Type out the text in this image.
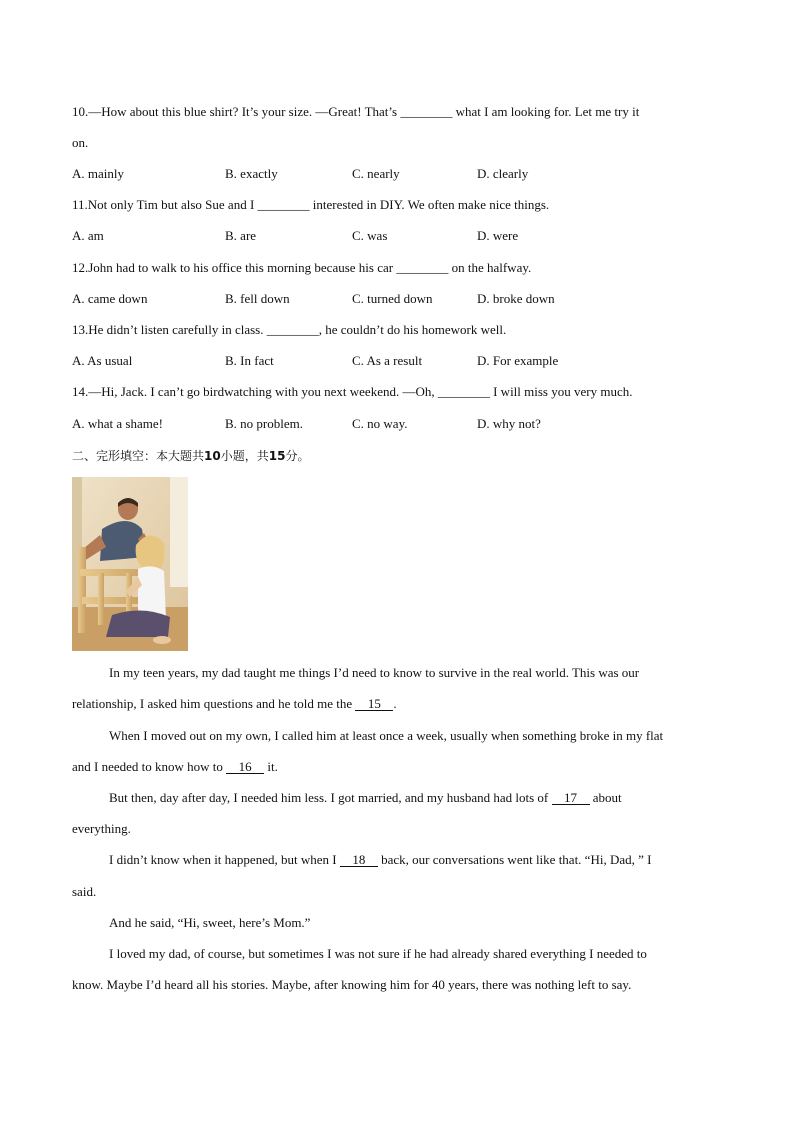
10.—How about this blue shirt? It’s your size. —Great! That’s ________ what I am looking for. Let me try it
on.
A. mainly	B. exactly	C. nearly	D. clearly
11.Not only Tim but also Sue and I ________ interested in DIY. We often make nice things.
A. am	B. are	C. was	D. were
12.John had to walk to his office this morning because his car ________ on the halfway.
A. came down	B. fell down	C. turned down	D. broke down
13.He didn’t listen carefully in class. ________, he couldn’t do his homework well.
A. As usual	B. In fact	C. As a result	D. For example
14.—Hi, Jack. I can’t go birdwatching with you next weekend. —Oh, ________ I will miss you very much.
A. what a shame!	B. no problem.	C. no way.	D. why not?
二、完形填空：本大题共10小题，共15分。
In my teen years, my dad taught me things I’d need to know to survive in the real world. This was our
relationship, I asked him questions and he told me the 15 .
When I moved out on my own, I called him at least once a week, usually when something broke in my flat
and I needed to know how to 16 it.
But then, day after day, I needed him less. I got married, and my husband had lots of 17 about
everything.
I didn’t know when it happened, but when I 18 back, our conversations went like that. “Hi, Dad, ” I
said.
And he said, “Hi, sweet, here’s Mom.”
I loved my dad, of course, but sometimes I was not sure if he had already shared everything I needed to
know. Maybe I’d heard all his stories. Maybe, after knowing him for 40 years, there was nothing left to say.
